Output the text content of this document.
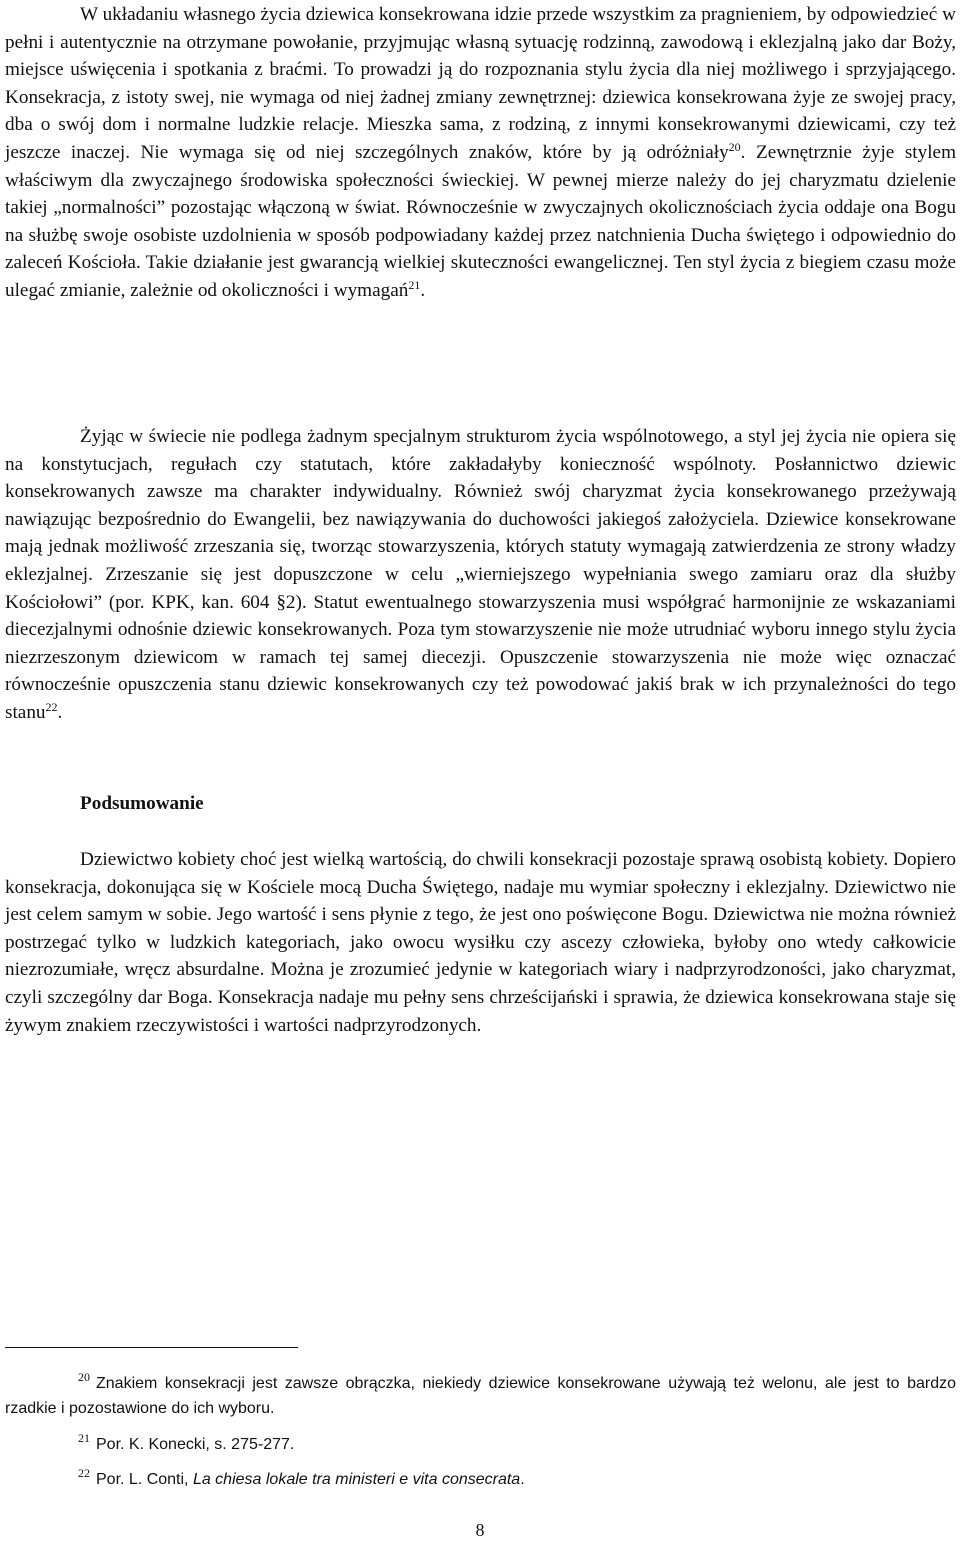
W układaniu własnego życia dziewica konsekrowana idzie przede wszystkim za pragnieniem, by odpowiedzieć w pełni i autentycznie na otrzymane powołanie, przyjmując własną sytuację rodzinną, zawodową i eklezjalną jako dar Boży, miejsce uświęcenia i spotkania z braćmi. To prowadzi ją do rozpoznania stylu życia dla niej możliwego i sprzyjającego. Konsekracja, z istoty swej, nie wymaga od niej żadnej zmiany zewnętrznej: dziewica konsekrowana żyje ze swojej pracy, dba o swój dom i normalne ludzkie relacje. Mieszka sama, z rodziną, z innymi konsekrowanymi dziewicami, czy też jeszcze inaczej. Nie wymaga się od niej szczególnych znaków, które by ją odróżniały$^{20}$. Zewnętrznie żyje stylem właściwym dla zwyczajnego środowiska społeczności świeckiej. W pewnej mierze należy do jej charyzmatu dzielenie takiej „normalności” pozostając włączoną w świat. Równocześnie w zwyczajnych okolicznościach życia oddaje ona Bogu na służbę swoje osobiste uzdolnienia w sposób podpowiadany każdej przez natchnienia Ducha świętego i odpowiednio do zaleceń Kościoła. Takie działanie jest gwarancją wielkiej skuteczności ewangelicznej. Ten styl życia z biegiem czasu może ulegać zmianie, zależnie od okoliczności i wymagań$^{21}$.

Żyjąc w świecie nie podlega żadnym specjalnym strukturom życia wspólnotowego, a styl jej życia nie opiera się na konstytucjach, regułach czy statutach, które zakładałyby konieczność wspólnoty. Posłannictwo dziewic konsekrowanych zawsze ma charakter indywidualny. Również swój charyzmat życia konsekrowanego przeżywają nawiązując bezpośrednio do Ewangelii, bez nawiązywania do duchowości jakiegoś założyciela. Dziewice konsekrowane mają jednak możliwość zrzeszania się, tworząc stowarzyszenia, których statuty wymagają zatwierdzenia ze strony władzy eklezjalnej. Zrzeszanie się jest dopuszczone w celu „wierniejszego wypełniania swego zamiaru oraz dla służby Kościołowi” (por. KPK, kan. 604 §2). Statut ewentualnego stowarzyszenia musi współgrać harmonijnie ze wskazaniami diecezjalnymi odnośnie dziewic konsekrowanych. Poza tym stowarzyszenie nie może utrudniać wyboru innego stylu życia niezrzeszonym dziewicom w ramach tej samej diecezji. Opuszczenie stowarzyszenia nie może więc oznaczać równocześnie opuszczenia stanu dziewic konsekrowanych czy też powodować jakiś brak w ich przynależności do tego stanu$^{22}$.

Podsumowanie

Dziewictwo kobiety choć jest wielką wartością, do chwili konsekracji pozostaje sprawą osobistą kobiety. Dopiero konsekracja, dokonująca się w Kościele mocą Ducha Świętego, nadaje mu wymiar społeczny i eklezjalny. Dziewictwo nie jest celem samym w sobie. Jego wartość i sens płynie z tego, że jest ono poświęcone Bogu. Dziewictwa nie można również postrzegać tylko w ludzkich kategoriach, jako owocu wysiłku czy ascezy człowieka, byłoby ono wtedy całkowicie niezrozumiałe, wręcz absurdalne. Można je zrozumieć jedynie w kategoriach wiary i nadprzyrodzoności, jako charyzmat, czyli szczególny dar Boga. Konsekracja nadaje mu pełny sens chrześcijański i sprawia, że dziewica konsekrowana staje się żywym znakiem rzeczywistości i wartości nadprzyrodzonych.

$^{20}$ Znakiem konsekracji jest zawsze obrączka, niekiedy dziewice konsekrowane używają też welonu, ale jest to bardzo rzadkie i pozostawione do ich wyboru.

$^{21}$ Por. K. Konecki, s. 275-277.

$^{22}$ Por. L. Conti, La chiesa lokale tra ministeri e vita consecrata.

8
